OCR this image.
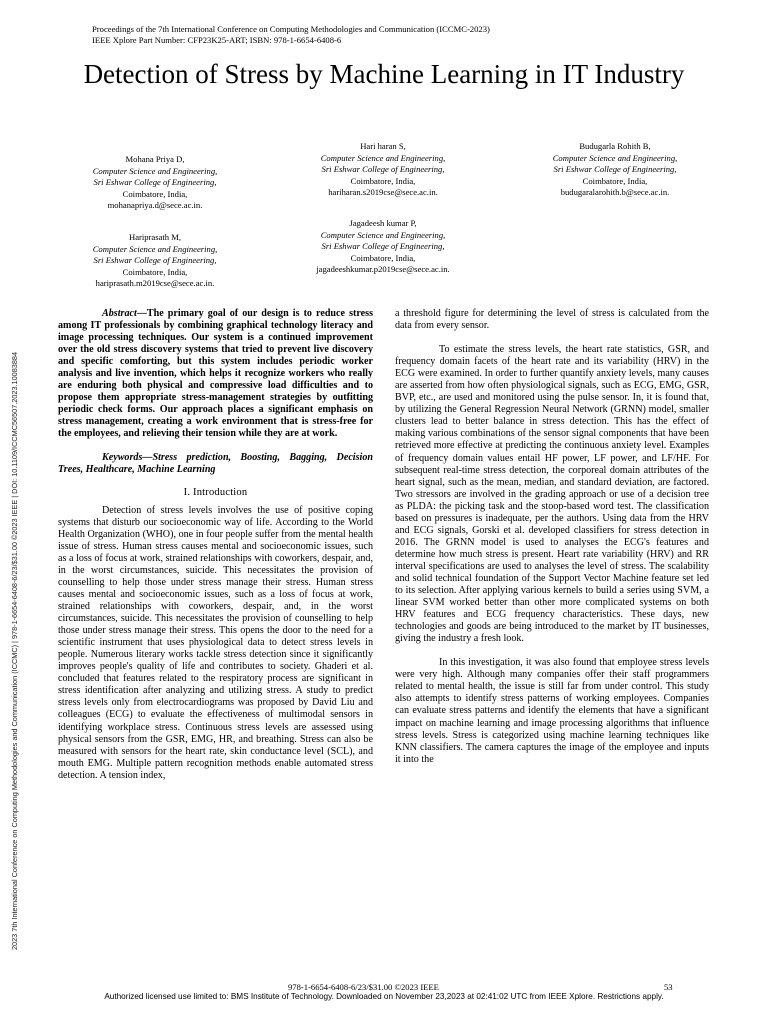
Proceedings of the 7th International Conference on Computing Methodologies and Communication (ICCMC-2023)
IEEE Xplore Part Number: CFP23K25-ART; ISBN: 978-1-6654-6408-6
Detection of Stress by Machine Learning in IT Industry
Mohana Priya D,
Computer Science and Engineering,
Sri Eshwar College of Engineering,
Coimbatore, India,
mohanapriya.d@sece.ac.in.
Hari haran S,
Computer Science and Engineering,
Sri Eshwar College of Engineering,
Coimbatore, India,
hariharan.s2019cse@sece.ac.in.
Budugarla Rohith B,
Computer Science and Engineering,
Sri Eshwar College of Engineering,
Coimbatore, India,
budugaralarohith.b@sece.ac.in.
Hariprasath M,
Computer Science and Engineering,
Sri Eshwar College of Engineering,
Coimbatore, India,
hariprasath.m2019cse@sece.ac.in.
Jagadeesh kumar P,
Computer Science and Engineering,
Sri Eshwar College of Engineering,
Coimbatore, India,
jagadeeshkumar.p2019cse@sece.ac.in.
2023 7th International Conference on Computing Methodologies and Communication (ICCMC) | 978-1-6654-6408-6/23/$31.00 ©2023 IEEE | DOI: 10.1109/ICCMC56507.2023.10083884

Abstract—The primary goal of our design is to reduce stress among IT professionals by combining graphical technology literacy and image processing techniques. Our system is a continued improvement over the old stress discovery systems that tried to prevent live discovery and specific comforting, but this system includes periodic worker analysis and live invention, which helps it recognize workers who really are enduring both physical and compressive load difficulties and to propose them appropriate stress-management strategies by outfitting periodic check forms. Our approach places a significant emphasis on stress management, creating a work environment that is stress-free for the employees, and relieving their tension while they are at work.

Keywords—Stress prediction, Boosting, Bagging, Decision Trees, Healthcare, Machine Learning

I. Introduction

Detection of stress levels involves the use of positive coping systems that disturb our socioeconomic way of life. According to the World Health Organization (WHO), one in four people suffer from the mental health issue of stress. Human stress causes mental and socioeconomic issues, such as a loss of focus at work, strained relationships with coworkers, despair, and, in the worst circumstances, suicide. This necessitates the provision of counselling to help those under stress manage their stress. Human stress causes mental and socioeconomic issues, such as a loss of focus at work, strained relationships with coworkers, despair, and, in the worst circumstances, suicide. This necessitates the provision of counselling to help those under stress manage their stress. This opens the door to the need for a scientific instrument that uses physiological data to detect stress levels in people. Numerous literary works tackle stress detection since it significantly improves people's quality of life and contributes to society. Ghaderi et al. concluded that features related to the respiratory process are significant in stress identification after analyzing and utilizing stress. A study to predict stress levels only from electrocardiograms was proposed by David Liu and colleagues (ECG) to evaluate the effectiveness of multimodal sensors in identifying workplace stress. Continuous stress levels are assessed using physical sensors from the GSR, EMG, HR, and breathing. Stress can also be measured with sensors for the heart rate, skin conductance level (SCL), and mouth EMG. Multiple pattern recognition methods enable automated stress detection. A tension index,

a threshold figure for determining the level of stress is calculated from the data from every sensor.

To estimate the stress levels, the heart rate statistics, GSR, and frequency domain facets of the heart rate and its variability (HRV) in the ECG were examined. In order to further quantify anxiety levels, many causes are asserted from how often physiological signals, such as ECG, EMG, GSR, BVP, etc., are used and monitored using the pulse sensor. In, it is found that, by utilizing the General Regression Neural Network (GRNN) model, smaller clusters lead to better balance in stress detection. This has the effect of making various combinations of the sensor signal components that have been retrieved more effective at predicting the continuous anxiety level. Examples of frequency domain values entail HF power, LF power, and LF/HF. For subsequent real-time stress detection, the corporeal domain attributes of the heart signal, such as the mean, median, and standard deviation, are factored. Two stressors are involved in the grading approach or use of a decision tree as PLDA: the picking task and the stoop-based word test. The classification based on pressures is inadequate, per the authors. Using data from the HRV and ECG signals, Gorski et al. developed classifiers for stress detection in 2016. The GRNN model is used to analyses the ECG's features and determine how much stress is present. Heart rate variability (HRV) and RR interval specifications are used to analyses the level of stress. The scalability and solid technical foundation of the Support Vector Machine feature set led to its selection. After applying various kernels to build a series using SVM, a linear SVM worked better than other more complicated systems on both HRV features and ECG frequency characteristics. These days, new technologies and goods are being introduced to the market by IT businesses, giving the industry a fresh look.

In this investigation, it was also found that employee stress levels were very high. Although many companies offer their staff programmers related to mental health, the issue is still far from under control. This study also attempts to identify stress patterns of working employees. Companies can evaluate stress patterns and identify the elements that have a significant impact on machine learning and image processing algorithms that influence stress levels. Stress is categorized using machine learning techniques like KNN classifiers. The camera captures the image of the employee and inputs it into the

978-1-6654-6408-6/23/$31.00 ©2023 IEEE	53
Authorized licensed use limited to: BMS Institute of Technology. Downloaded on November 23,2023 at 02:41:02 UTC from IEEE Xplore. Restrictions apply.
